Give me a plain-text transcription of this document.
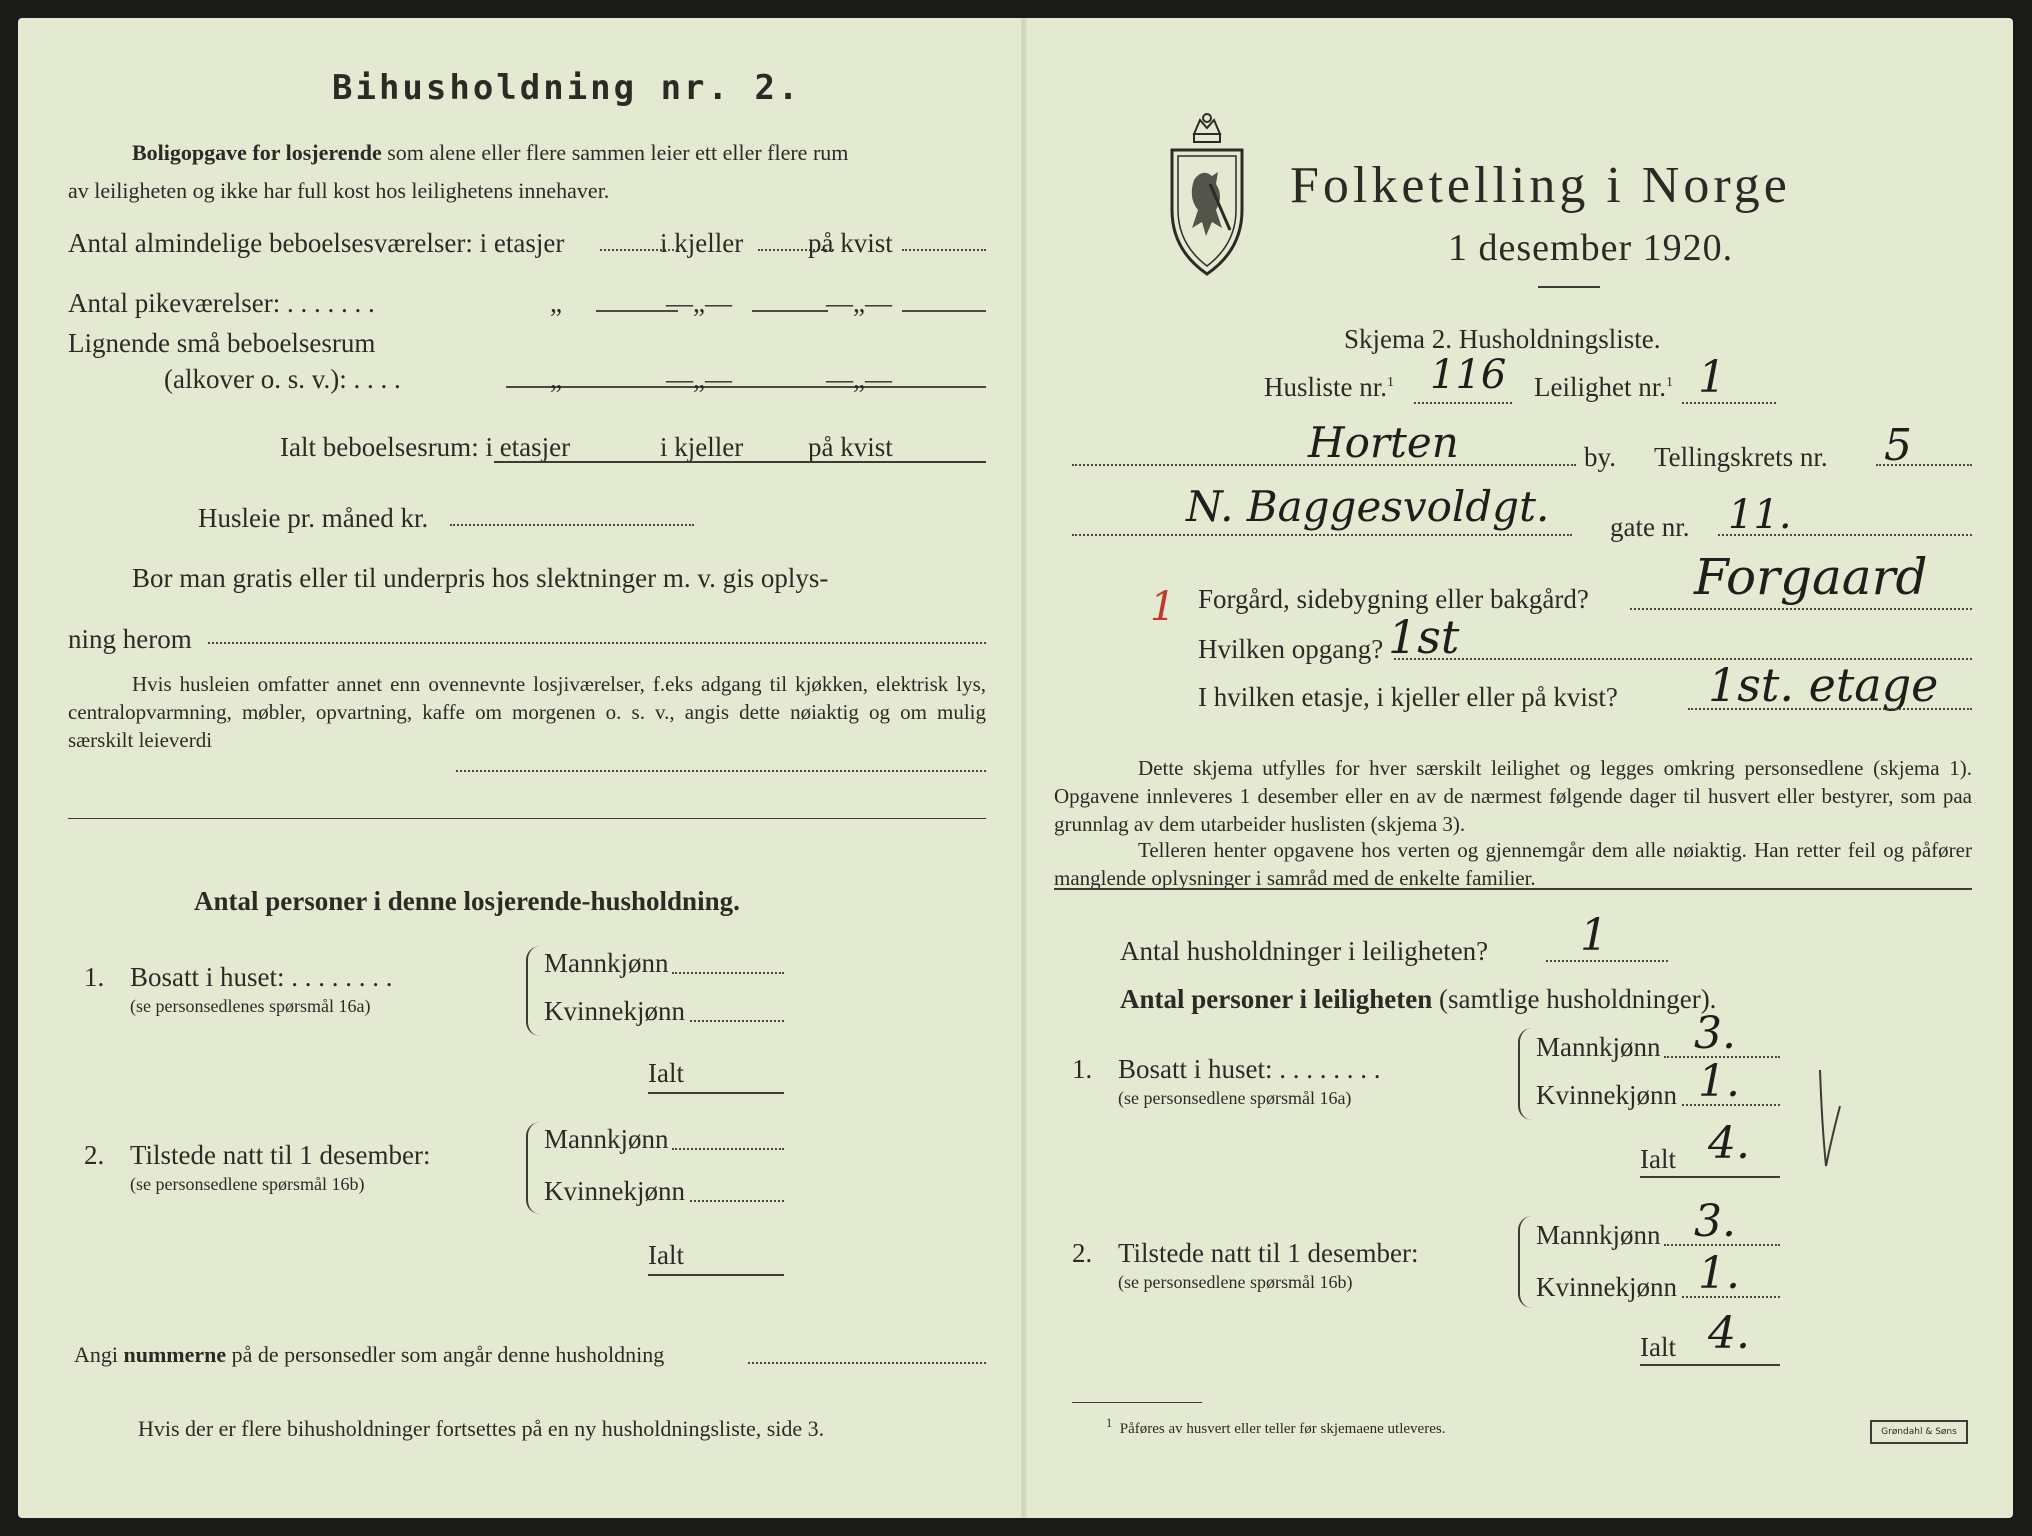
Bihusholdning nr. 2.
Boligopgave for losjerende som alene eller flere sammen leier ett eller flere rum
av leiligheten og ikke har full kost hos leilighetens innehaver.
Antal almindelige beboelsesværelser: i etasjer	i kjeller på kvist
Antal pikeværelser: . . . . . . .	„	—„—	—„—
Lignende små beboelsesrum
(alkover o. s. v.): . . . .	„	—„—	—„—
Ialt beboelsesrum: i etasjer	i kjeller på kvist
Husleie pr. måned kr.
Bor man gratis eller til underpris hos slektninger m. v. gis oplys-
ning herom
Hvis husleien omfatter annet enn ovennevnte losjiværelser, f.eks adgang til kjøkken, elektrisk lys, centralopvarmning, møbler, opvartning, kaffe om morgenen o. s. v., angis dette nøiaktig og om mulig særskilt leieverdi
Antal personer i denne losjerende-husholdning.
1. Bosatt i huset: . . . . . . . .
(se personsedlenes spørsmål 16a)
Mannkjønn
Kvinnekjønn
Ialt
2. Tilstede natt til 1 desember:
(se personsedlene spørsmål 16b)
Mannkjønn
Kvinnekjønn
Ialt
Angi nummerne på de personsedler som angår denne husholdning
Hvis der er flere bihusholdninger fortsettes på en ny husholdningsliste, side 3.
Folketelling i Norge
1 desember 1920.
Skjema 2. Husholdningsliste.
Husliste nr.$^1$ 116 Leilighet nr.$^1$ 1
Horten	by. Tellingskrets nr. 5
N. Baggesvoldgt. gate nr. 11.
1 Forgård, sidebygning eller bakgård? Forgaard
Hvilken opgang? 1st
I hvilken etasje, i kjeller eller på kvist? 1st. etage
Dette skjema utfylles for hver særskilt leilighet og legges omkring personsedlene (skjema 1). Opgavene innleveres 1 desember eller en av de nærmest følgende dager til husvert eller bestyrer, som paa grunnlag av dem utarbeider huslisten (skjema 3).
Telleren henter opgavene hos verten og gjennemgår dem alle nøiaktig. Han retter feil og påfører manglende oplysninger i samråd med de enkelte familier.
Antal husholdninger i leiligheten? 1
Antal personer i leiligheten (samtlige husholdninger).
1. Bosatt i huset: . . . . . . . .
(se personsedlene spørsmål 16a)
Mannkjønn 3.
Kvinnekjønn 1.
Ialt 4.
2. Tilstede natt til 1 desember:
(se personsedlene spørsmål 16b)
Mannkjønn 3.
Kvinnekjønn 1.
Ialt 4.
$^1$ Påføres av husvert eller teller før skjemaene utleveres.	Grøndahl & Søns
